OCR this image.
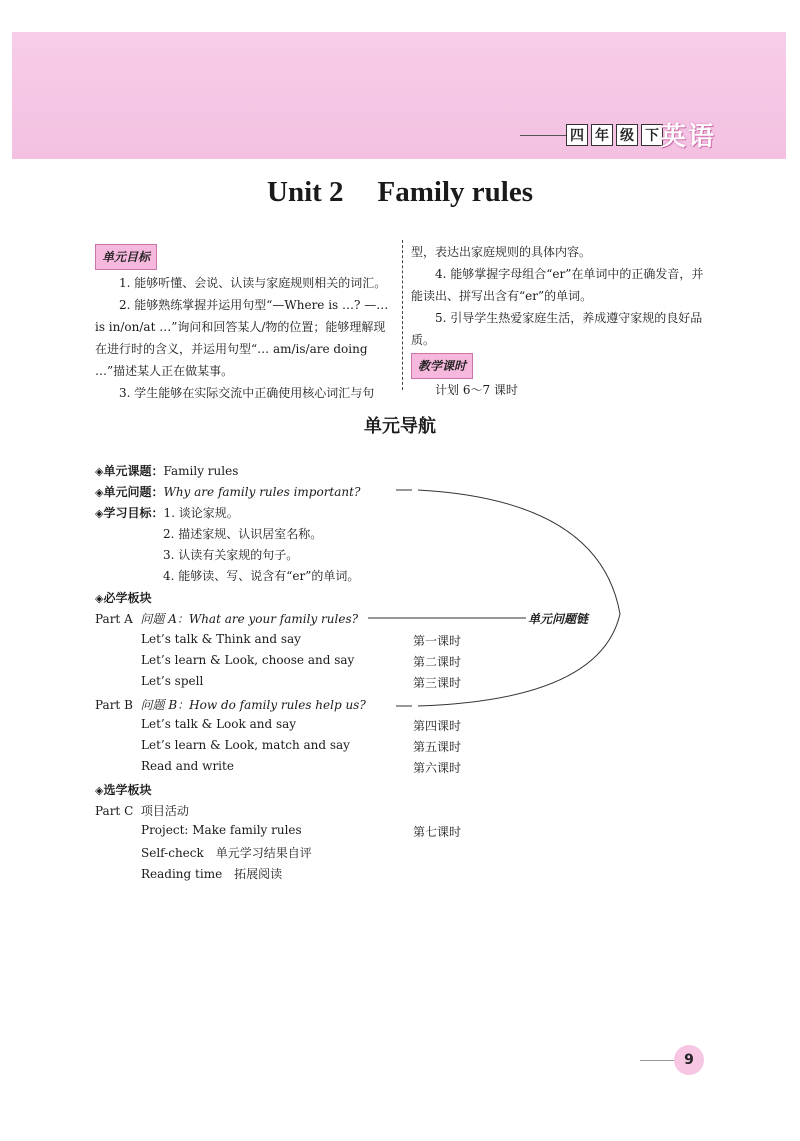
四 年 级 下 英语
Unit 2 Family rules

单元目标

1. 能够听懂、会说、认读与家庭规则相关的词汇。

2. 能够熟练掌握并运用句型“—Where is …? —… is in/on/at …”询问和回答某人/物的位置；能够理解现在进行时的含义，并运用句型“… am/is/are doing …”描述某人正在做某事。

3. 学生能够在实际交流中正确使用核心词汇与句

型，表达出家庭规则的具体内容。

4. 能够掌握字母组合“er”在单词中的正确发音，并能读出、拼写出含有“er”的单词。

5. 引导学生热爱家庭生活，养成遵守家规的良好品质。

教学课时

计划 6～7 课时

单元导航
单元问题链
◈单元课题：Family rules
◈单元问题：Why are family rules important?
◈学习目标：1. 谈论家规。
2. 描述家规、认识居室名称。
3. 认读有关家规的句子。
4. 能够读、写、说含有“er”的单词。
◈必学板块
Part A 问题 A：What are your family rules?
Let’s talk & Think and say	第一课时
Let’s learn & Look, choose and say	第二课时
Let’s spell	第三课时
Part B 问题 B：How do family rules help us?
Let’s talk & Look and say	第四课时
Let’s learn & Look, match and say	第五课时
Read and write	第六课时
◈选学板块
Part C 项目活动
Project: Make family rules	第七课时
Self-check　单元学习结果自评
Reading time　拓展阅读
9
